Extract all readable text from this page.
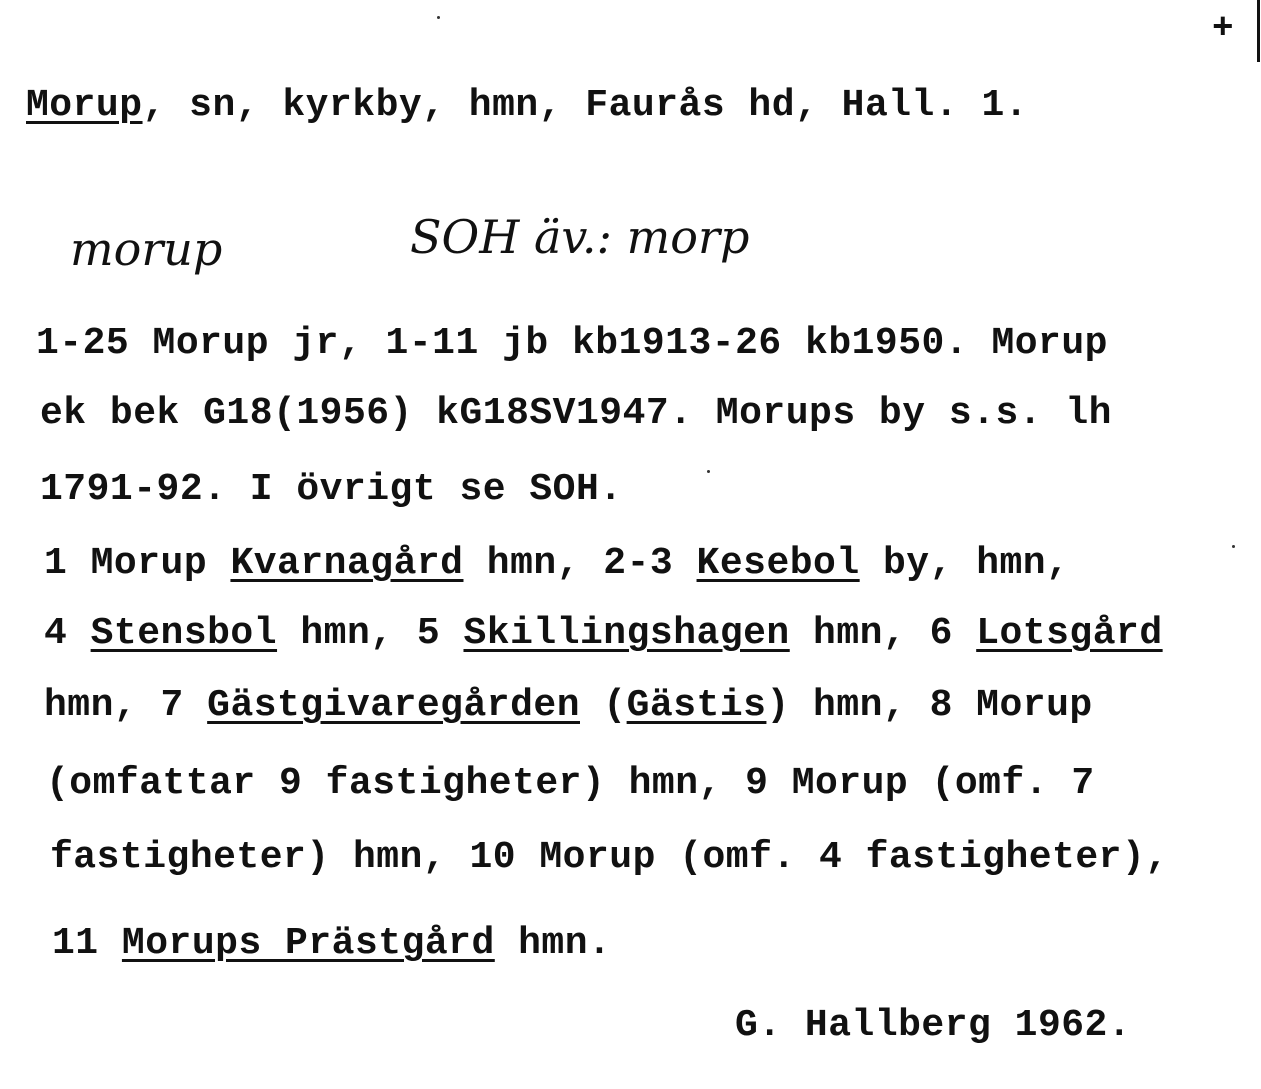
+
Morup, sn, kyrkby, hmn, Faurås hd, Hall. 1.
morup	SOH äv.: morp
1-25 Morup jr, 1-11 jb kb1913-26 kb1950. Morup
ek bek G18(1956) kG18SV1947. Morups by s.s. lh
1791-92. I övrigt se SOH.
1 Morup Kvarnagård hmn, 2-3 Kesebol by, hmn,
4 Stensbol hmn, 5 Skillingshagen hmn, 6 Lotsgård
hmn, 7 Gästgivaregården (Gästis) hmn, 8 Morup
(omfattar 9 fastigheter) hmn, 9 Morup (omf. 7
fastigheter) hmn, 10 Morup (omf. 4 fastigheter),
11 Morups Prästgård hmn.
G. Hallberg 1962.
